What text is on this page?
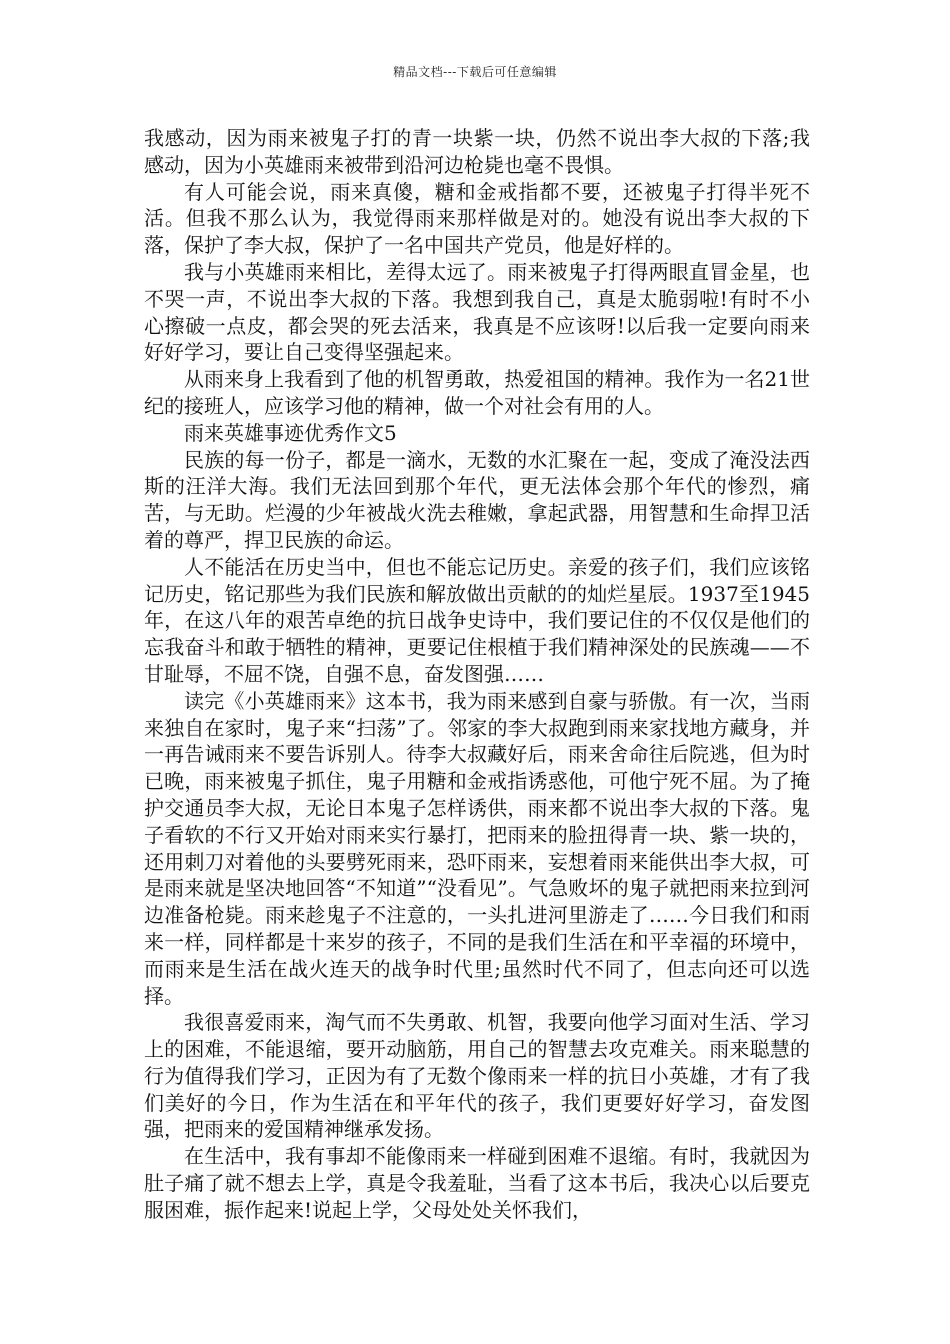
精品文档---下载后可任意编辑

我感动，因为雨来被鬼子打的青一块紫一块，仍然不说出李大叔的下落;我感动，因为小英雄雨来被带到沿河边枪毙也毫不畏惧。

有人可能会说，雨来真傻，糖和金戒指都不要，还被鬼子打得半死不活。但我不那么认为，我觉得雨来那样做是对的。她没有说出李大叔的下落，保护了李大叔，保护了一名中国共产党员，他是好样的。

我与小英雄雨来相比，差得太远了。雨来被鬼子打得两眼直冒金星，也不哭一声，不说出李大叔的下落。我想到我自己，真是太脆弱啦!有时不小心擦破一点皮，都会哭的死去活来，我真是不应该呀!以后我一定要向雨来好好学习，要让自己变得坚强起来。

从雨来身上我看到了他的机智勇敢，热爱祖国的精神。我作为一名21世纪的接班人，应该学习他的精神，做一个对社会有用的人。

雨来英雄事迹优秀作文5

民族的每一份子，都是一滴水，无数的水汇聚在一起，变成了淹没法西斯的汪洋大海。我们无法回到那个年代，更无法体会那个年代的惨烈，痛苦，与无助。烂漫的少年被战火洗去稚嫩，拿起武器，用智慧和生命捍卫活着的尊严，捍卫民族的命运。

人不能活在历史当中，但也不能忘记历史。亲爱的孩子们，我们应该铭记历史，铭记那些为我们民族和解放做出贡献的的灿烂星辰。1937至1945年，在这八年的艰苦卓绝的抗日战争史诗中，我们要记住的不仅仅是他们的忘我奋斗和敢于牺牲的精神，更要记住根植于我们精神深处的民族魂——不甘耻辱，不屈不饶，自强不息，奋发图强……

读完《小英雄雨来》这本书，我为雨来感到自豪与骄傲。有一次，当雨来独自在家时，鬼子来“扫荡”了。邻家的李大叔跑到雨来家找地方藏身，并一再告诫雨来不要告诉别人。待李大叔藏好后，雨来舍命往后院逃，但为时已晚，雨来被鬼子抓住，鬼子用糖和金戒指诱惑他，可他宁死不屈。为了掩护交通员李大叔，无论日本鬼子怎样诱供，雨来都不说出李大叔的下落。鬼子看软的不行又开始对雨来实行暴打，把雨来的脸扭得青一块、紫一块的，还用刺刀对着他的头要劈死雨来，恐吓雨来，妄想着雨来能供出李大叔，可是雨来就是坚决地回答“不知道”“没看见”。气急败坏的鬼子就把雨来拉到河边准备枪毙。雨来趁鬼子不注意的，一头扎进河里游走了……今日我们和雨来一样，同样都是十来岁的孩子，不同的是我们生活在和平幸福的环境中，而雨来是生活在战火连天的战争时代里;虽然时代不同了，但志向还可以选择。

我很喜爱雨来，淘气而不失勇敢、机智，我要向他学习面对生活、学习上的困难，不能退缩，要开动脑筋，用自己的智慧去攻克难关。雨来聪慧的行为值得我们学习，正因为有了无数个像雨来一样的抗日小英雄，才有了我们美好的今日，作为生活在和平年代的孩子，我们更要好好学习，奋发图强，把雨来的爱国精神继承发扬。

在生活中，我有事却不能像雨来一样碰到困难不退缩。有时，我就因为肚子痛了就不想去上学，真是令我羞耻，当看了这本书后，我决心以后要克服困难，振作起来!说起上学，父母处处关怀我们，
